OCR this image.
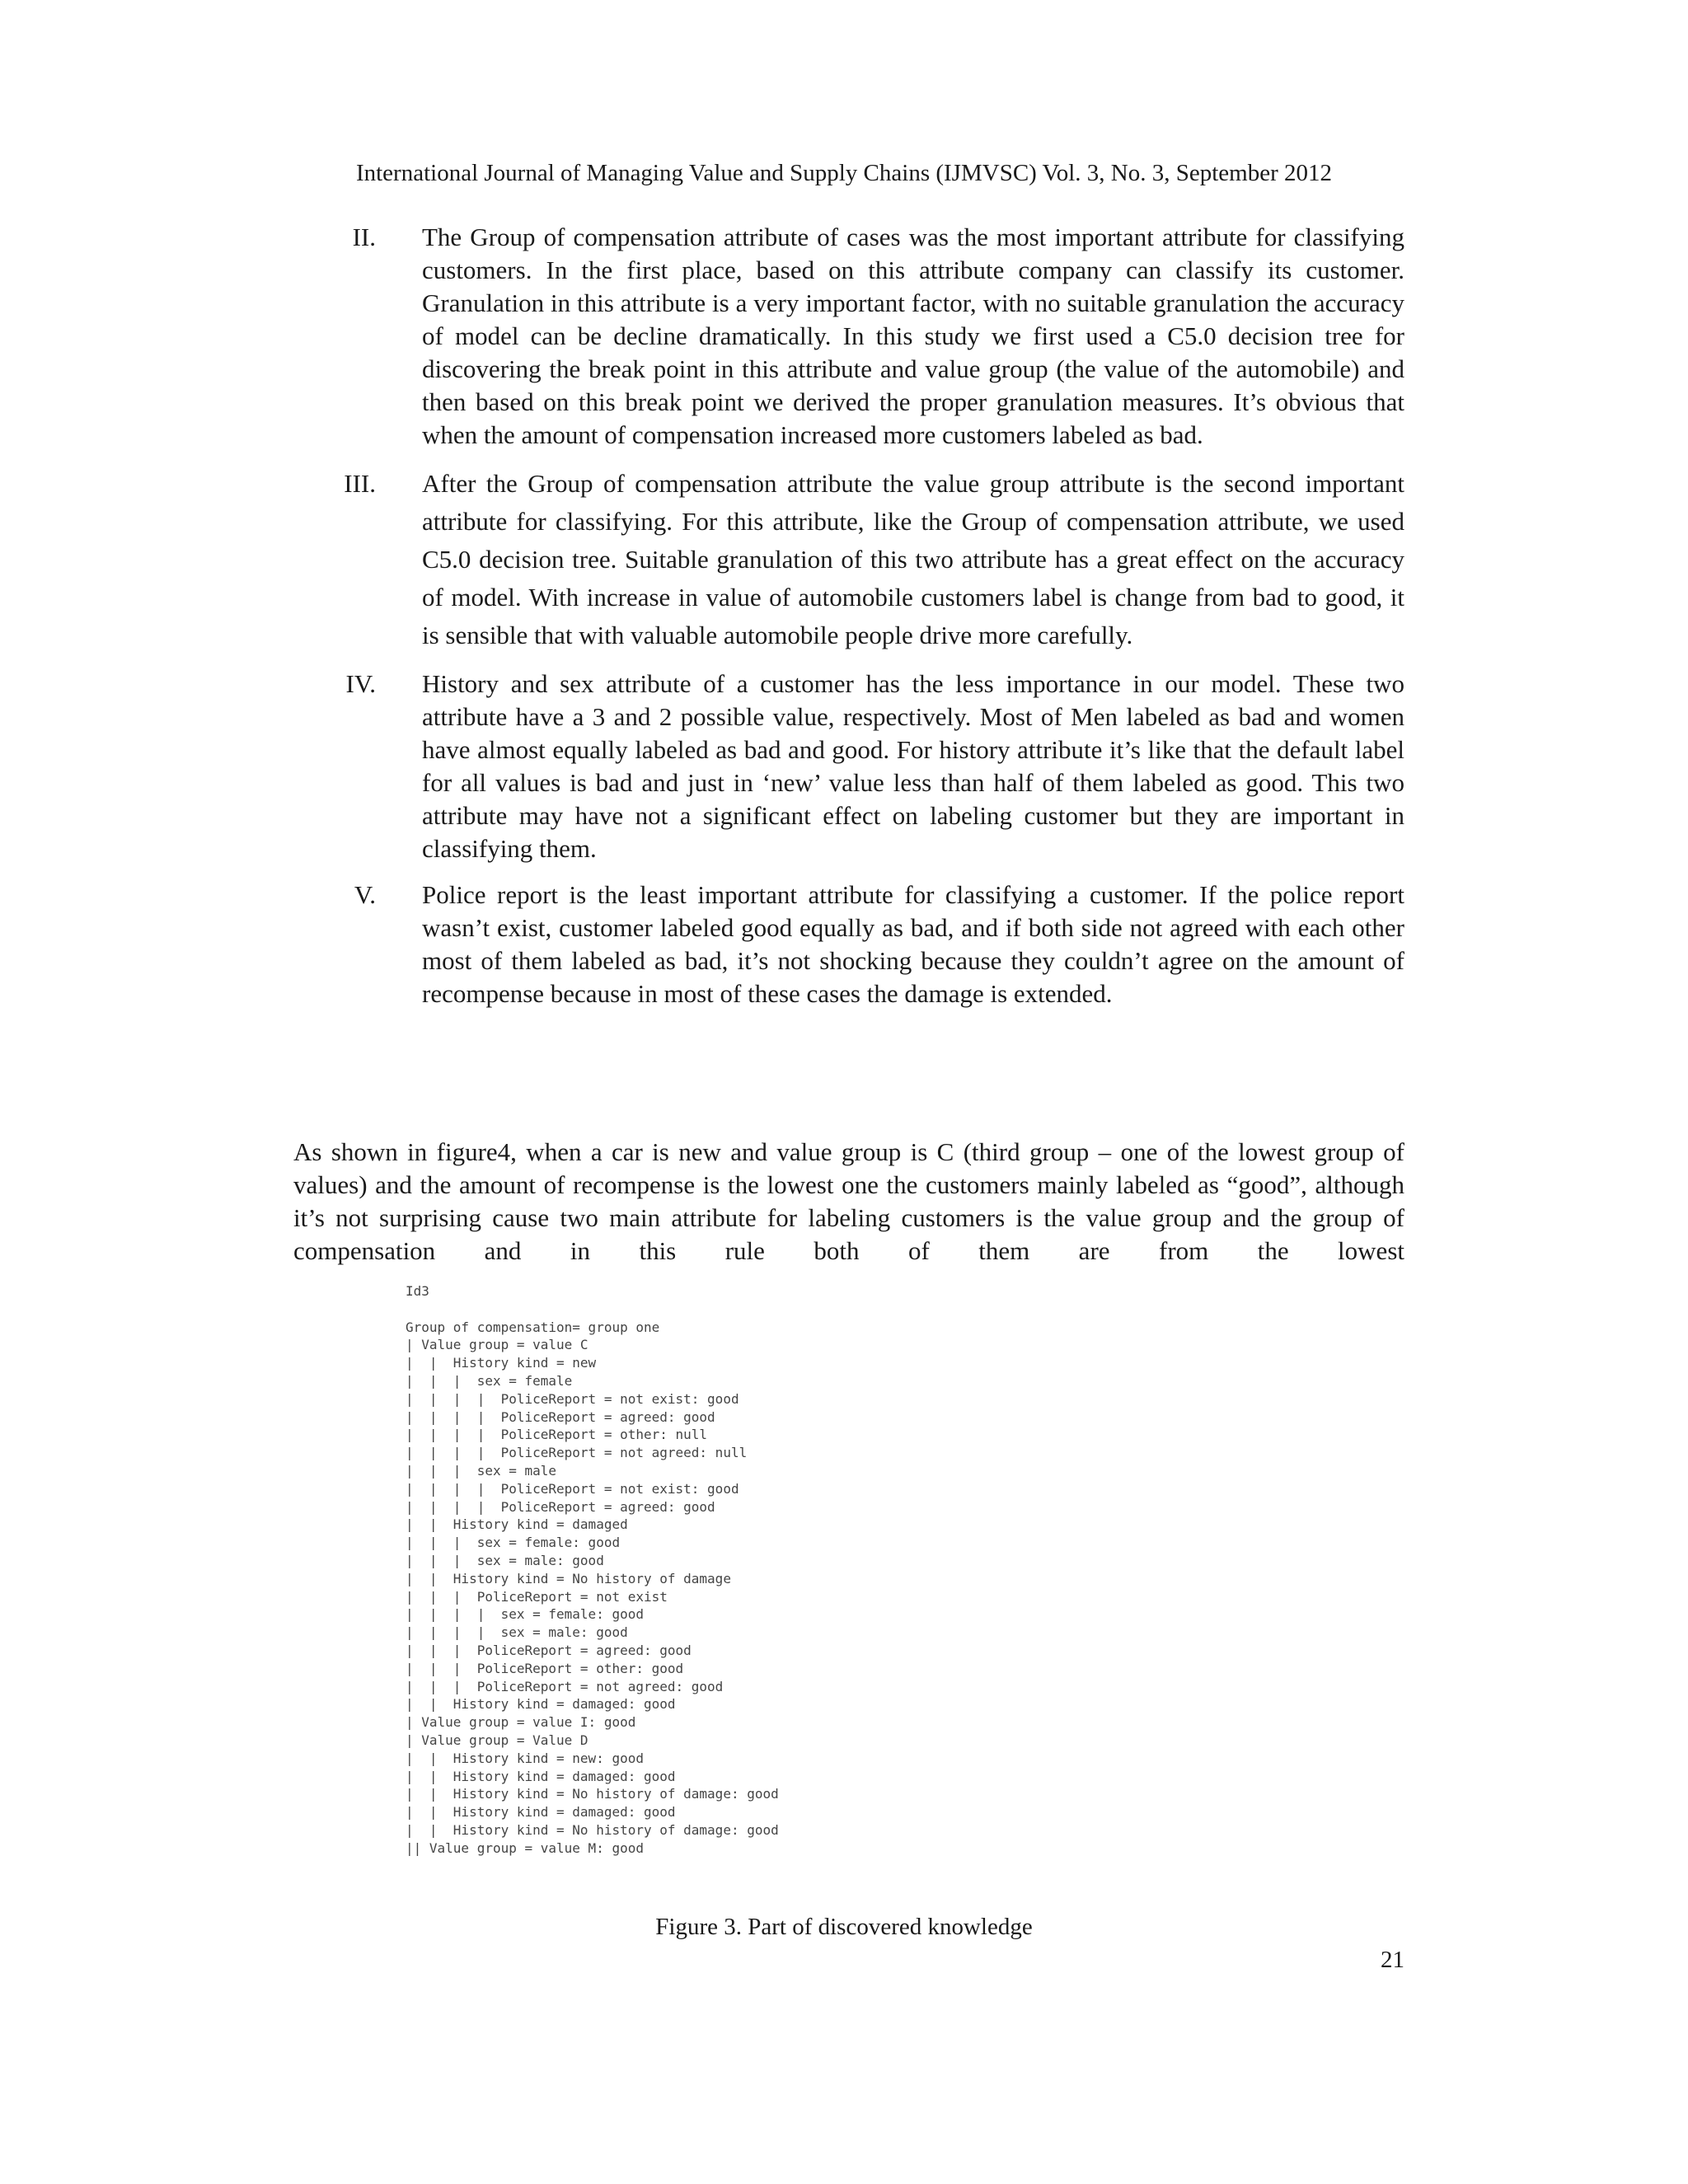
International Journal of Managing Value and Supply Chains (IJMVSC) Vol. 3, No. 3, September 2012
II. The Group of compensation attribute of cases was the most important attribute for classifying customers. In the first place, based on this attribute company can classify its customer. Granulation in this attribute is a very important factor, with no suitable granulation the accuracy of model can be decline dramatically. In this study we first used a C5.0 decision tree for discovering the break point in this attribute and value group (the value of the automobile) and then based on this break point we derived the proper granulation measures. It’s obvious that when the amount of compensation increased more customers labeled as bad.
III. After the Group of compensation attribute the value group attribute is the second important attribute for classifying. For this attribute, like the Group of compensation attribute, we used C5.0 decision tree. Suitable granulation of this two attribute has a great effect on the accuracy of model. With increase in value of automobile customers label is change from bad to good, it is sensible that with valuable automobile people drive more carefully.
IV. History and sex attribute of a customer has the less importance in our model. These two attribute have a 3 and 2 possible value, respectively. Most of Men labeled as bad and women have almost equally labeled as bad and good. For history attribute it’s like that the default label for all values is bad and just in ‘new’ value less than half of them labeled as good. This two attribute may have not a significant effect on labeling customer but they are important in classifying them.
V. Police report is the least important attribute for classifying a customer. If the police report wasn’t exist, customer labeled good equally as bad, and if both side not agreed with each other most of them labeled as bad, it’s not shocking because they couldn’t agree on the amount of recompense because in most of these cases the damage is extended.
As shown in figure4, when a car is new and value group is C (third group – one of the lowest group of values) and the amount of recompense is the lowest one the customers mainly labeled as “good”, although it’s not surprising cause two main attribute for labeling customers is the value group and the group of compensation and in this rule both of them are from the lowest
Id3

Group of compensation= group one
| Value group = value C
|  |  History kind = new
|  |  |  sex = female
|  |  |  |  PoliceReport = not exist: good
|  |  |  |  PoliceReport = agreed: good
|  |  |  |  PoliceReport = other: null
|  |  |  |  PoliceReport = not agreed: null
|  |  |  sex = male
|  |  |  |  PoliceReport = not exist: good
|  |  |  |  PoliceReport = agreed: good
|  |  History kind = damaged
|  |  |  sex = female: good
|  |  |  sex = male: good
|  |  History kind = No history of damage
|  |  |  PoliceReport = not exist
|  |  |  |  sex = female: good
|  |  |  |  sex = male: good
|  |  |  PoliceReport = agreed: good
|  |  |  PoliceReport = other: good
|  |  |  PoliceReport = not agreed: good
|  |  History kind = damaged: good
| Value group = value I: good
| Value group = Value D
|  |  History kind = new: good
|  |  History kind = damaged: good
|  |  History kind = No history of damage: good
|  |  History kind = damaged: good
|  |  History kind = No history of damage: good
|| Value group = value M: good
Figure 3. Part of discovered knowledge
21
